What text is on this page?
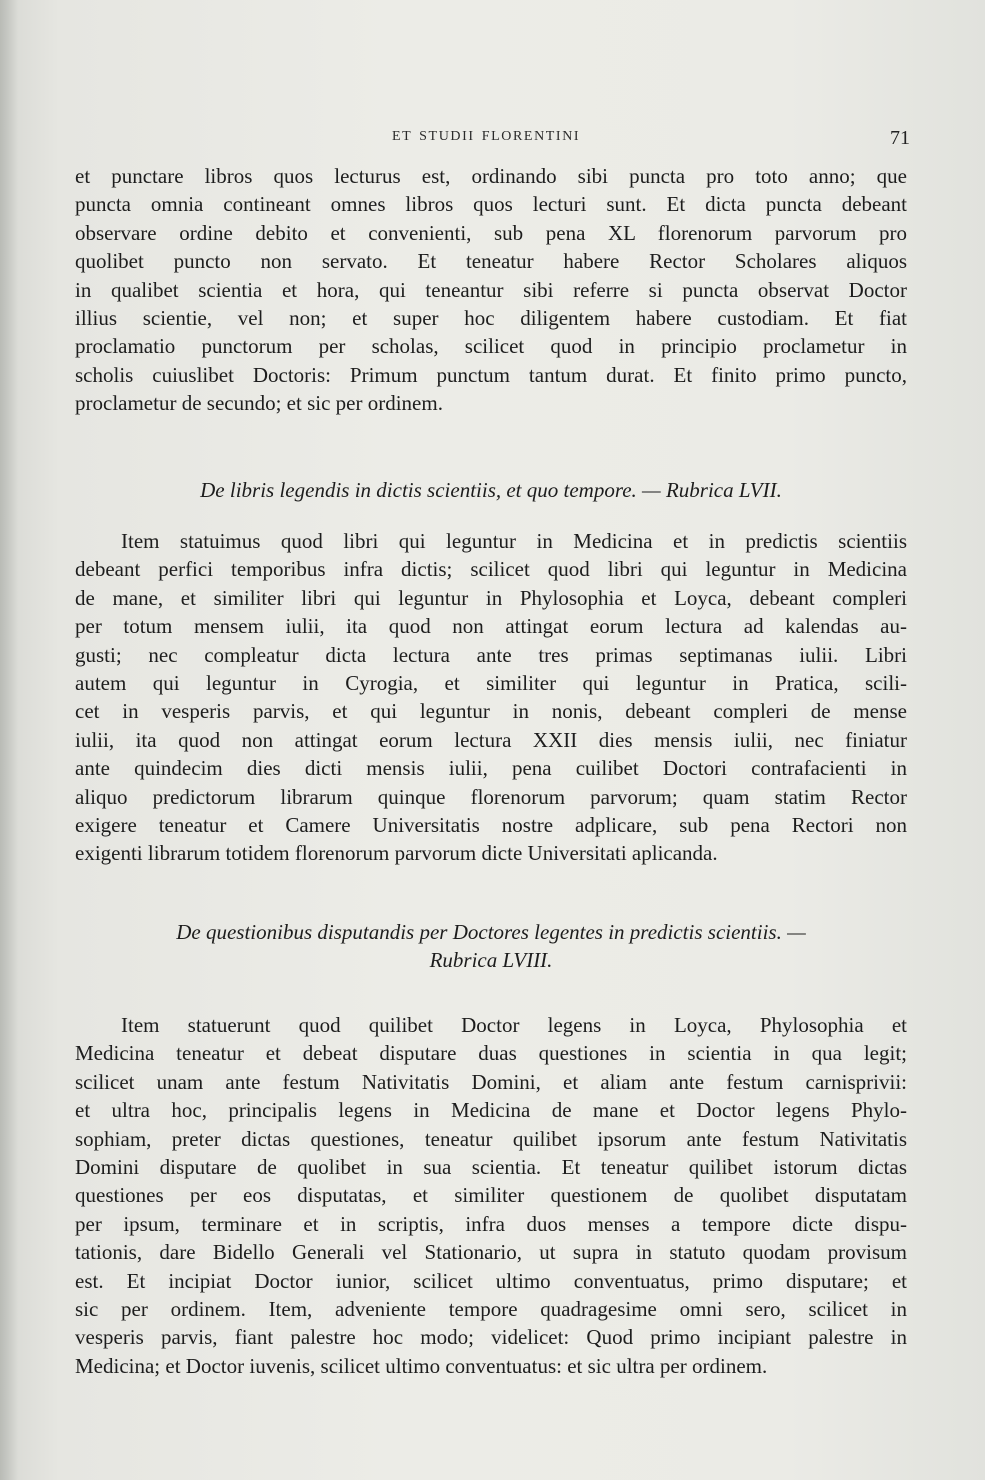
ET STUDII FLORENTINI	71
et punctare libros quos lecturus est, ordinando sibi puncta pro toto anno; que
puncta omnia contineant omnes libros quos lecturi sunt. Et dicta puncta debeant
observare ordine debito et convenienti, sub pena XL florenorum parvorum pro
quolibet puncto non servato. Et teneatur habere Rector Scholares aliquos
in qualibet scientia et hora, qui teneantur sibi referre si puncta observat Doctor
illius scientie, vel non; et super hoc diligentem habere custodiam. Et fiat
proclamatio punctorum per scholas, scilicet quod in principio proclametur in
scholis cuiuslibet Doctoris: Primum punctum tantum durat. Et finito primo puncto,
proclametur de secundo; et sic per ordinem.
De libris legendis in dictis scientiis, et quo tempore. — Rubrica LVII.
Item statuimus quod libri qui leguntur in Medicina et in predictis scientiis
debeant perfici temporibus infra dictis; scilicet quod libri qui leguntur in Medicina
de mane, et similiter libri qui leguntur in Phylosophia et Loyca, debeant compleri
per totum mensem iulii, ita quod non attingat eorum lectura ad kalendas au-
gusti; nec compleatur dicta lectura ante tres primas septimanas iulii. Libri
autem qui leguntur in Cyrogia, et similiter qui leguntur in Pratica, scili-
cet in vesperis parvis, et qui leguntur in nonis, debeant compleri de mense
iulii, ita quod non attingat eorum lectura XXII dies mensis iulii, nec finiatur
ante quindecim dies dicti mensis iulii, pena cuilibet Doctori contrafacienti in
aliquo predictorum librarum quinque florenorum parvorum; quam statim Rector
exigere teneatur et Camere Universitatis nostre adplicare, sub pena Rectori non
exigenti librarum totidem florenorum parvorum dicte Universitati aplicanda.
De questionibus disputandis per Doctores legentes in predictis scientiis. —
Rubrica LVIII.
Item statuerunt quod quilibet Doctor legens in Loyca, Phylosophia et
Medicina teneatur et debeat disputare duas questiones in scientia in qua legit;
scilicet unam ante festum Nativitatis Domini, et aliam ante festum carnisprivii:
et ultra hoc, principalis legens in Medicina de mane et Doctor legens Phylo-
sophiam, preter dictas questiones, teneatur quilibet ipsorum ante festum Nativitatis
Domini disputare de quolibet in sua scientia. Et teneatur quilibet istorum dictas
questiones per eos disputatas, et similiter questionem de quolibet disputatam
per ipsum, terminare et in scriptis, infra duos menses a tempore dicte dispu-
tationis, dare Bidello Generali vel Stationario, ut supra in statuto quodam provisum
est. Et incipiat Doctor iunior, scilicet ultimo conventuatus, primo disputare; et
sic per ordinem. Item, adveniente tempore quadragesime omni sero, scilicet in
vesperis parvis, fiant palestre hoc modo; videlicet: Quod primo incipiant palestre in
Medicina; et Doctor iuvenis, scilicet ultimo conventuatus: et sic ultra per ordinem.
